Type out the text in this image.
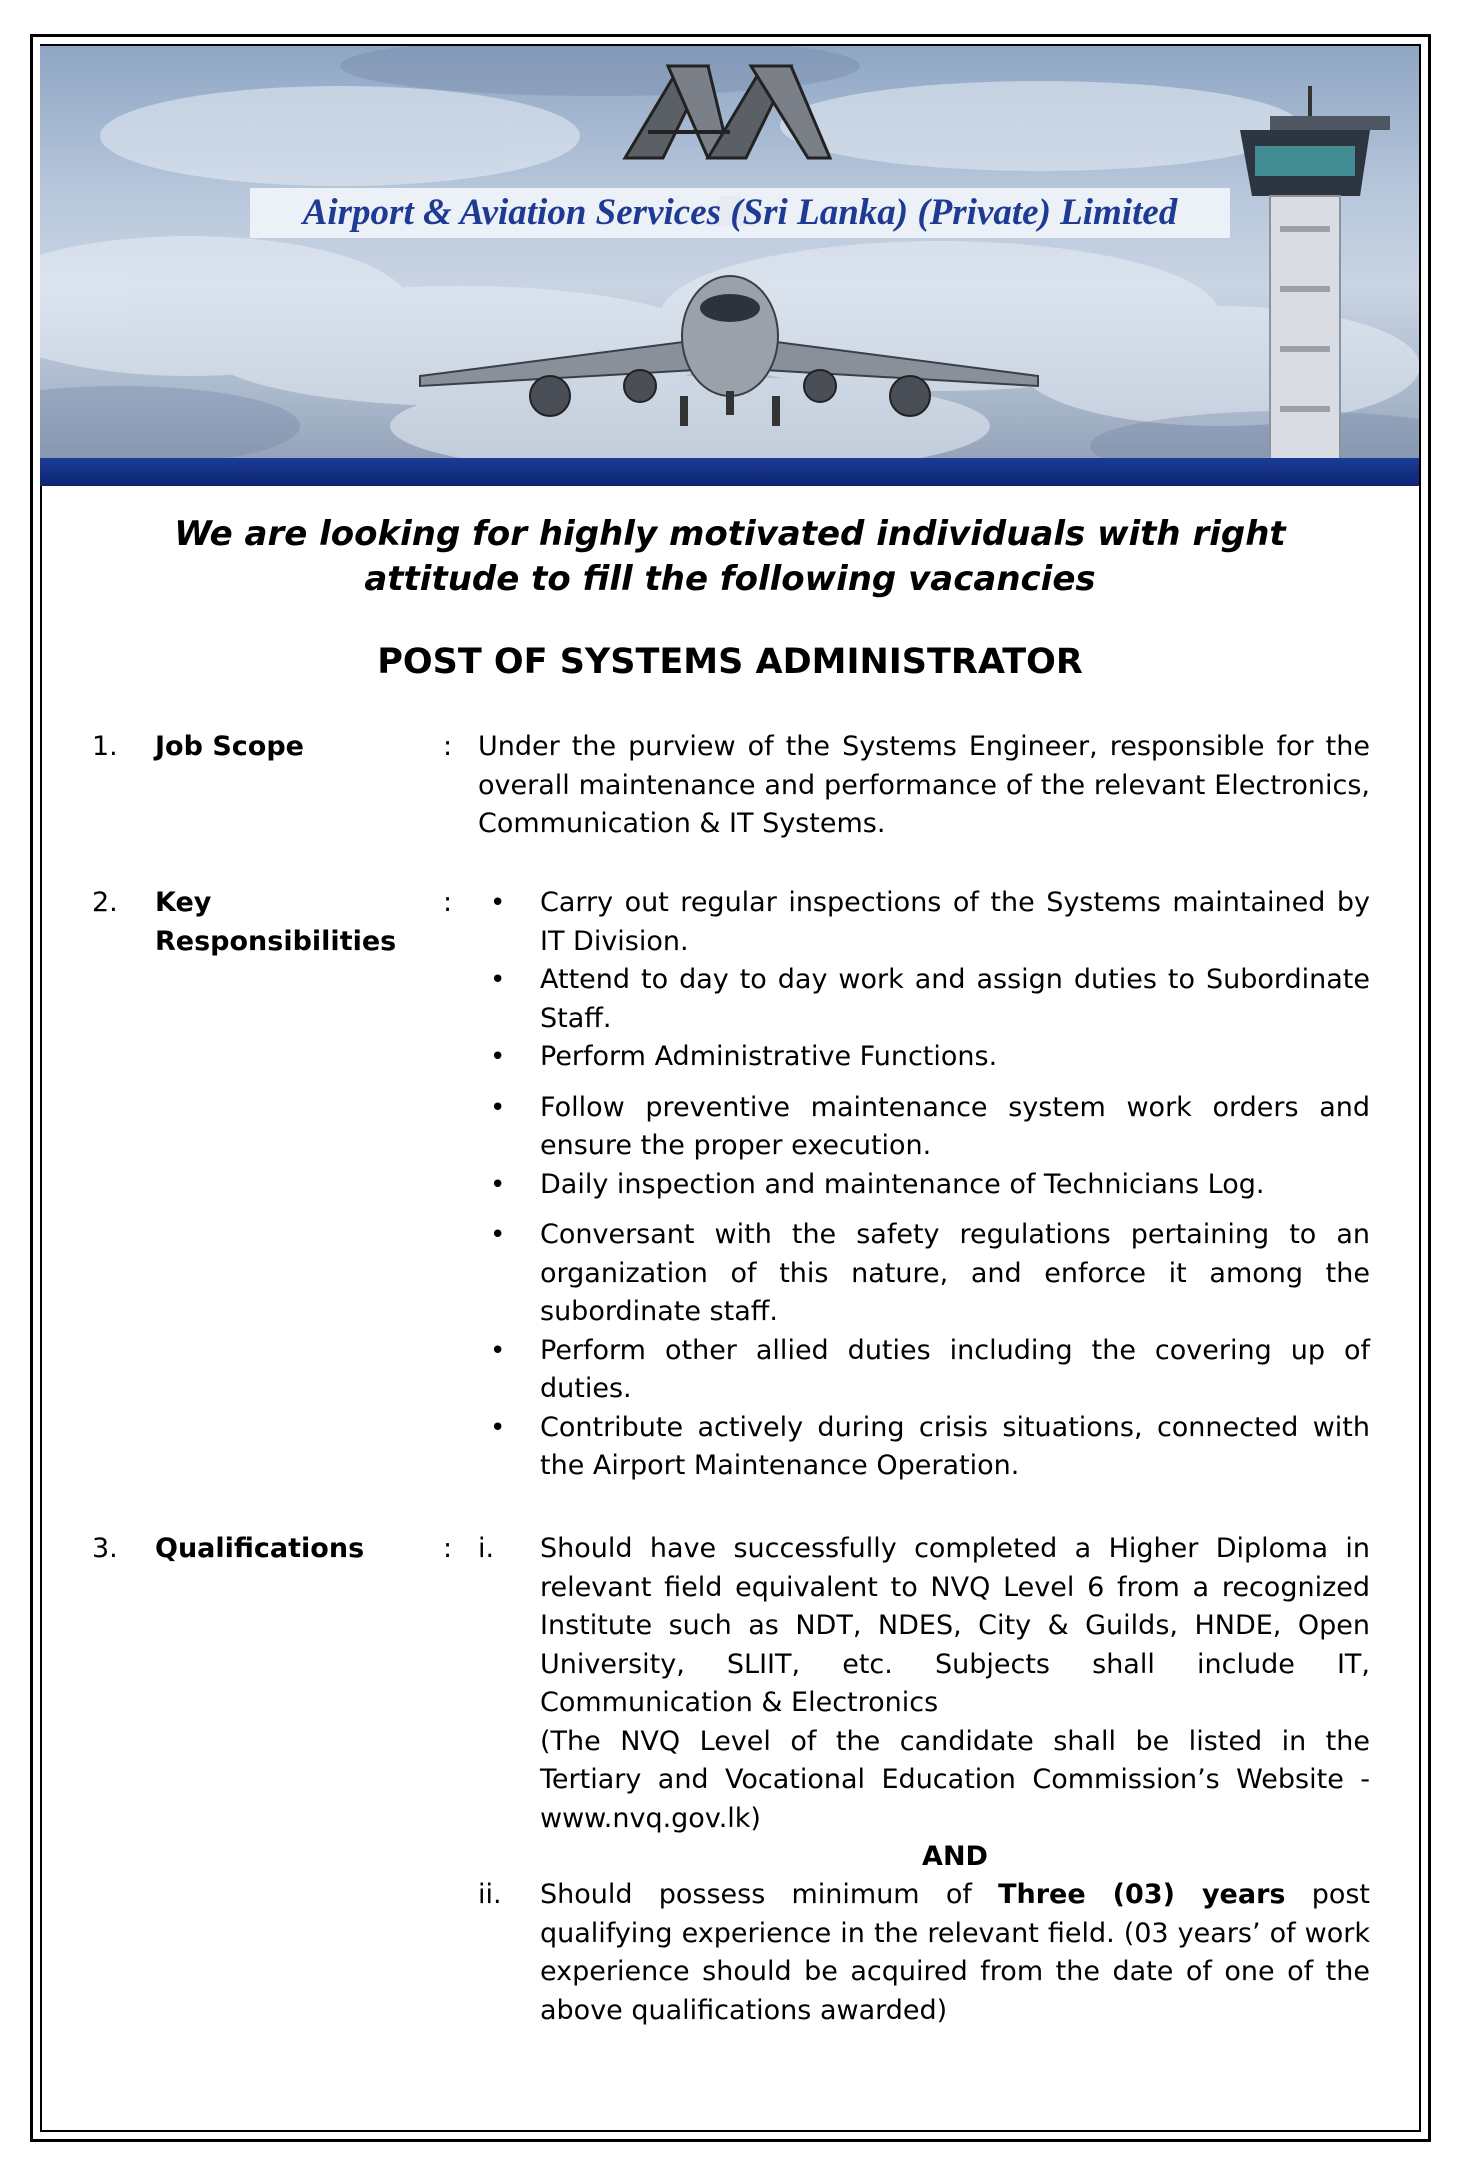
Airport & Aviation Services (Sri Lanka) (Private) Limited
We are looking for highly motivated individuals with right
attitude to fill the following vacancies
POST OF SYSTEMS ADMINISTRATOR
1. Job Scope	: Under the purview of the Systems Engineer, responsible for the overall maintenance and performance of the relevant Electronics, Communication & IT Systems.
2. Key Responsibilities
:
•	Carry out regular inspections of the Systems maintained by IT Division.
• Attend to day to day work and assign duties to Subordinate Staff.
• Perform Administrative Functions.
• Follow preventive maintenance system work orders and ensure the proper execution.
• Daily inspection and maintenance of Technicians Log.
• Conversant with the safety regulations pertaining to an organization of this nature, and enforce it among the subordinate staff.
• Perform other allied duties including the covering up of duties.
• Contribute actively during crisis situations, connected with the Airport Maintenance Operation.
3. Qualifications	: i. Should have successfully completed a Higher Diploma in relevant field equivalent to NVQ Level 6 from a recognized Institute such as NDT, NDES, City & Guilds, HNDE, Open University, SLIIT, etc. Subjects shall include IT, Communication & Electronics
(The NVQ Level of the candidate shall be listed in the Tertiary and Vocational Education Commission’s Website - www.nvq.gov.lk)
AND
ii. Should possess minimum of Three (03) years post qualifying experience in the relevant field. (03 years’ of work experience should be acquired from the date of one of the above qualifications awarded)
